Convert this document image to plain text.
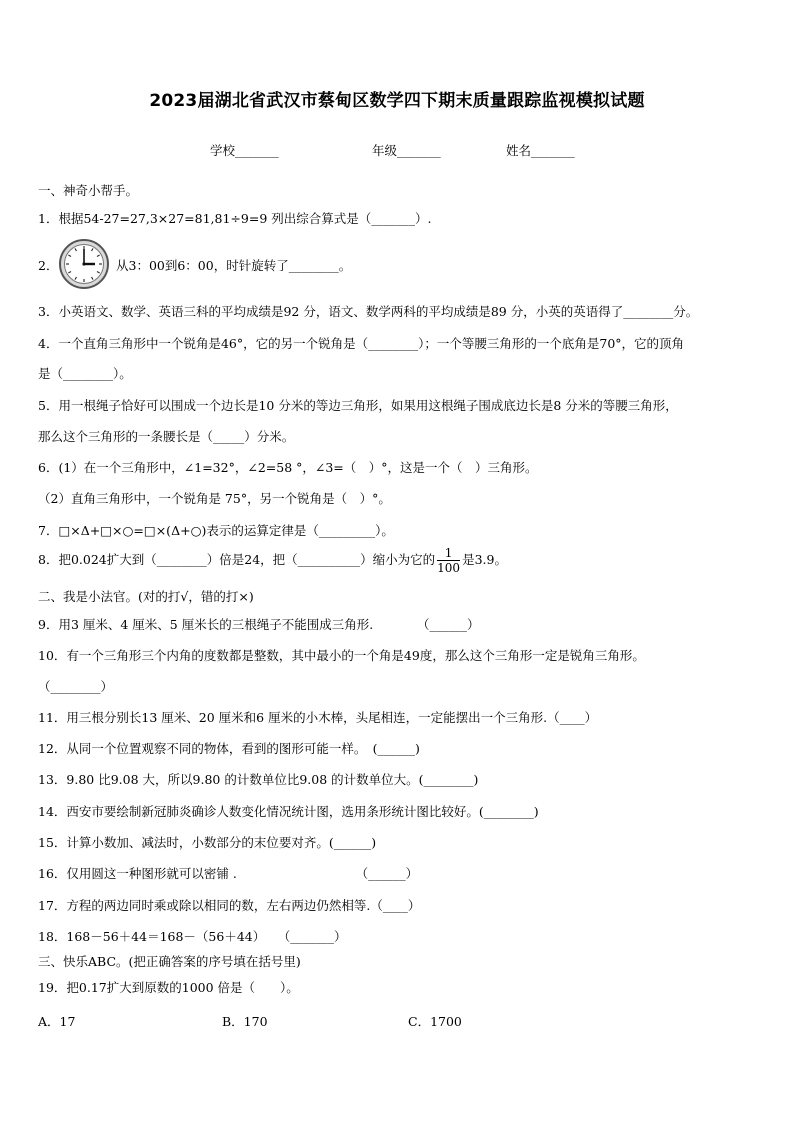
2023届湖北省武汉市蔡甸区数学四下期末质量跟踪监视模拟试题
学校_______	年级_______	姓名_______
一、神奇小帮手。
1．根据54-27=27,3×27=81,81÷9=9 列出综合算式是（_______）.
2．	从3：00到6：00，时针旋转了________。
3．小英语文、数学、英语三科的平均成绩是92 分，语文、数学两科的平均成绩是89 分，小英的英语得了________分。
4．一个直角三角形中一个锐角是46°，它的另一个锐角是（________）；一个等腰三角形的一个底角是70°，它的顶角
是（________）。
5．用一根绳子恰好可以围成一个边长是10 分米的等边三角形，如果用这根绳子围成底边长是8 分米的等腰三角形，
那么这个三角形的一条腰长是（_____）分米。
6．(1）在一个三角形中，∠1=32°，∠2=58 °，∠3=（　）°，这是一个（　）三角形。
（2）直角三角形中，一个锐角是 75°，另一个锐角是（　）°。
7．□×Δ+□×○=□×(Δ+○)表示的运算定律是（_________）。
8．把0.024扩大到（________）倍是24，把（__________）缩小为它的 $\frac{1}{100}$ 是3.9。
二、我是小法官。(对的打√，错的打×)
9．用3 厘米、4 厘米、5 厘米长的三根绳子不能围成三角形.　　　　（______）
10．有一个三角形三个内角的度数都是整数，其中最小的一个角是49度，那么这个三角形一定是锐角三角形。
（________）
11．用三根分别长13 厘米、20 厘米和6 厘米的小木棒，头尾相连，一定能摆出一个三角形.（____）
12．从同一个位置观察不同的物体，看到的图形可能一样。　(______)
13．9.80 比9.08 大，所以9.80 的计数单位比9.08 的计数单位大。(________)
14．西安市要绘制新冠肺炎确诊人数变化情况统计图，选用条形统计图比较好。(________)
15．计算小数加、减法时，小数部分的末位要对齐。(______)
16．仅用圆这一种图形就可以密铺 .　　　　　　　　　　（______）
17．方程的两边同时乘或除以相同的数，左右两边仍然相等.（____）
18．168－56＋44＝168－（56＋44）　　（_______）
三、快乐ABC。(把正确答案的序号填在括号里)
19．把0.17扩大到原数的1000 倍是（　　）。
A．17	B．170	C．1700
